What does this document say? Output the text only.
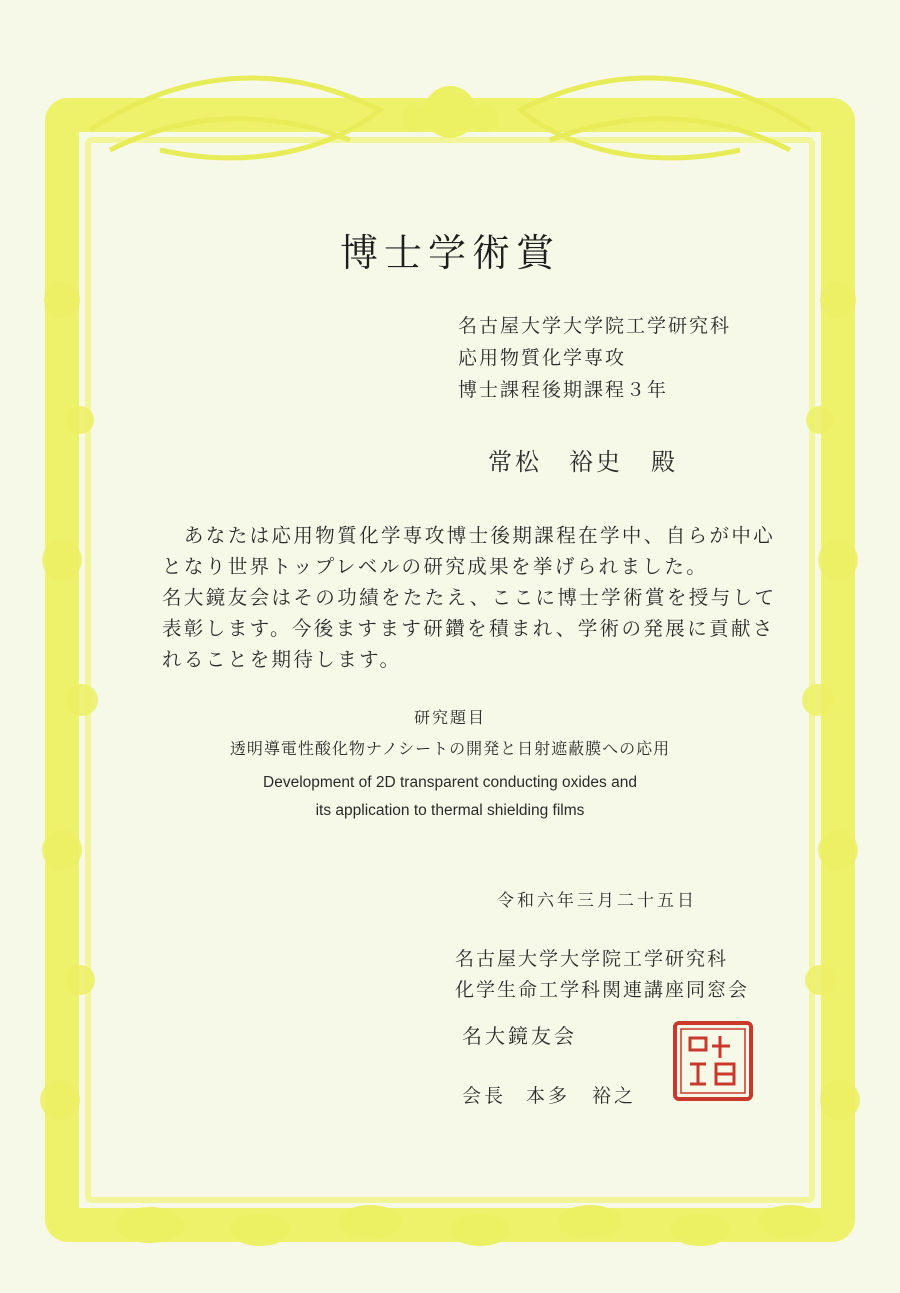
博士学術賞
名古屋大学大学院工学研究科
応用物質化学専攻
博士課程後期課程３年
常松　裕史 殿
　あなたは応用物質化学専攻博士後期課程在学中、自らが中心
となり世界トップレベルの研究成果を挙げられました。
名大鏡友会はその功績をたたえ、ここに博士学術賞を授与して
表彰します。今後ますます研鑽を積まれ、学術の発展に貢献さ
れることを期待します。
研究題目
透明導電性酸化物ナノシートの開発と日射遮蔽膜への応用
Development of 2D transparent conducting oxides and
its application to thermal shielding films
令和六年三月二十五日
名古屋大学大学院工学研究科
化学生命工学科関連講座同窓会
名大鏡友会
会長 本多　裕之
